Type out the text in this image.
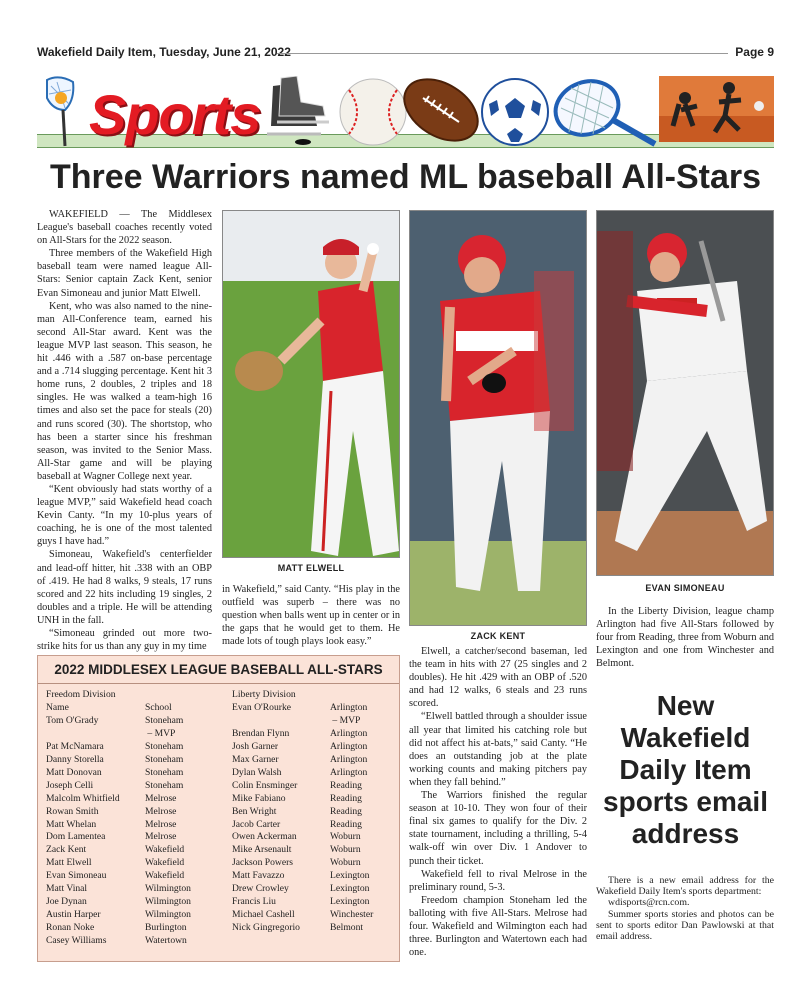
Wakefield Daily Item, Tuesday, June 21, 2022	Page 9
Sports
Three Warriors named ML baseball All-Stars

WAKEFIELD — The Middlesex League's baseball coaches recently voted on All-Stars for the 2022 season.

Three members of the Wakefield High baseball team were named league All-Stars: Senior captain Zack Kent, senior Evan Simoneau and junior Matt Elwell.

Kent, who was also named to the nine-man All-Conference team, earned his second All-Star award. Kent was the league MVP last season. This season, he hit .446 with a .587 on-base percentage and a .714 slugging percentage. Kent hit 3 home runs, 2 doubles, 2 triples and 18 singles. He was walked a team-high 16 times and also set the pace for steals (20) and runs scored (30). The shortstop, who has been a starter since his freshman season, was invited to the Senior Mass. All-Star game and will be playing baseball at Wagner College next year.

“Kent obviously had stats worthy of a league MVP,” said Wakefield head coach Kevin Canty. “In my 10-plus years of coaching, he is one of the most talented guys I have had.”

Simoneau, Wakefield's centerfielder and lead-off hitter, hit .338 with an OBP of .419. He had 8 walks, 9 steals, 17 runs scored and 22 hits including 19 singles, 2 doubles and a triple. He will be attending UNH in the fall.

“Simoneau grinded out more two-strike hits for us than any guy in my time

MATT ELWELL

in Wakefield,” said Canty. “His play in the outfield was superb – there was no question when balls went up in center or in the gaps that he would get to them. He made lots of tough plays look easy.”

ZACK KENT

Elwell, a catcher/second baseman, led the team in hits with 27 (25 singles and 2 doubles). He hit .429 with an OBP of .520 and had 12 walks, 6 steals and 23 runs scored.

“Elwell battled through a shoulder issue all year that limited his catching role but did not affect his at-bats,” said Canty. “He does an outstanding job at the plate working counts and making pitchers pay when they fall behind.”

The Warriors finished the regular season at 10-10. They won four of their final six games to qualify for the Div. 2 state tournament, including a thrilling, 5-4 walk-off win over Div. 1 Andover to punch their ticket.

Wakefield fell to rival Melrose in the preliminary round, 5-3.

Freedom champion Stoneham led the balloting with five All-Stars. Melrose had four. Wakefield and Wilmington each had three. Burlington and Watertown each had one.

EVAN SIMONEAU

In the Liberty Division, league champ Arlington had five All-Stars followed by four from Reading, three from Woburn and Lexington and one from Winchester and Belmont.

2022 MIDDLESEX LEAGUE BASEBALL ALL-STARS
Freedom Division
Name
Tom O'Grady

Pat McNamara
Danny Storella
Matt Donovan
Joseph Celli
Malcolm Whitfield
Rowan Smith
Matt Whelan
Dom Lamentea
Zack Kent
Matt Elwell
Evan Simoneau
Matt Vinal
Joe Dynan
Austin Harper
Ronan Noke
Casey Williams

School
Stoneham
– MVP
Stoneham
Stoneham
Stoneham
Stoneham
Melrose
Melrose
Melrose
Melrose
Wakefield
Wakefield
Wakefield
Wilmington
Wilmington
Wilmington
Burlington
Watertown
Liberty Division
Evan O'Rourke

Brendan Flynn
Josh Garner
Max Garner
Dylan Walsh
Colin Ensminger
Mike Fabiano
Ben Wright
Jacob Carter
Owen Ackerman
Mike Arsenault
Jackson Powers
Matt Favazzo
Drew Crowley
Francis Liu
Michael Cashell
Nick Gingregorio

Arlington
– MVP
Arlington
Arlington
Arlington
Arlington
Reading
Reading
Reading
Reading
Woburn
Woburn
Woburn
Lexington
Lexington
Lexington
Winchester
Belmont
New Wakefield Daily Item sports email address

There is a new email address for the Wakefield Daily Item's sports department:

wdisports@rcn.com.

Summer sports stories and photos can be sent to sports editor Dan Pawlowski at that email address.
